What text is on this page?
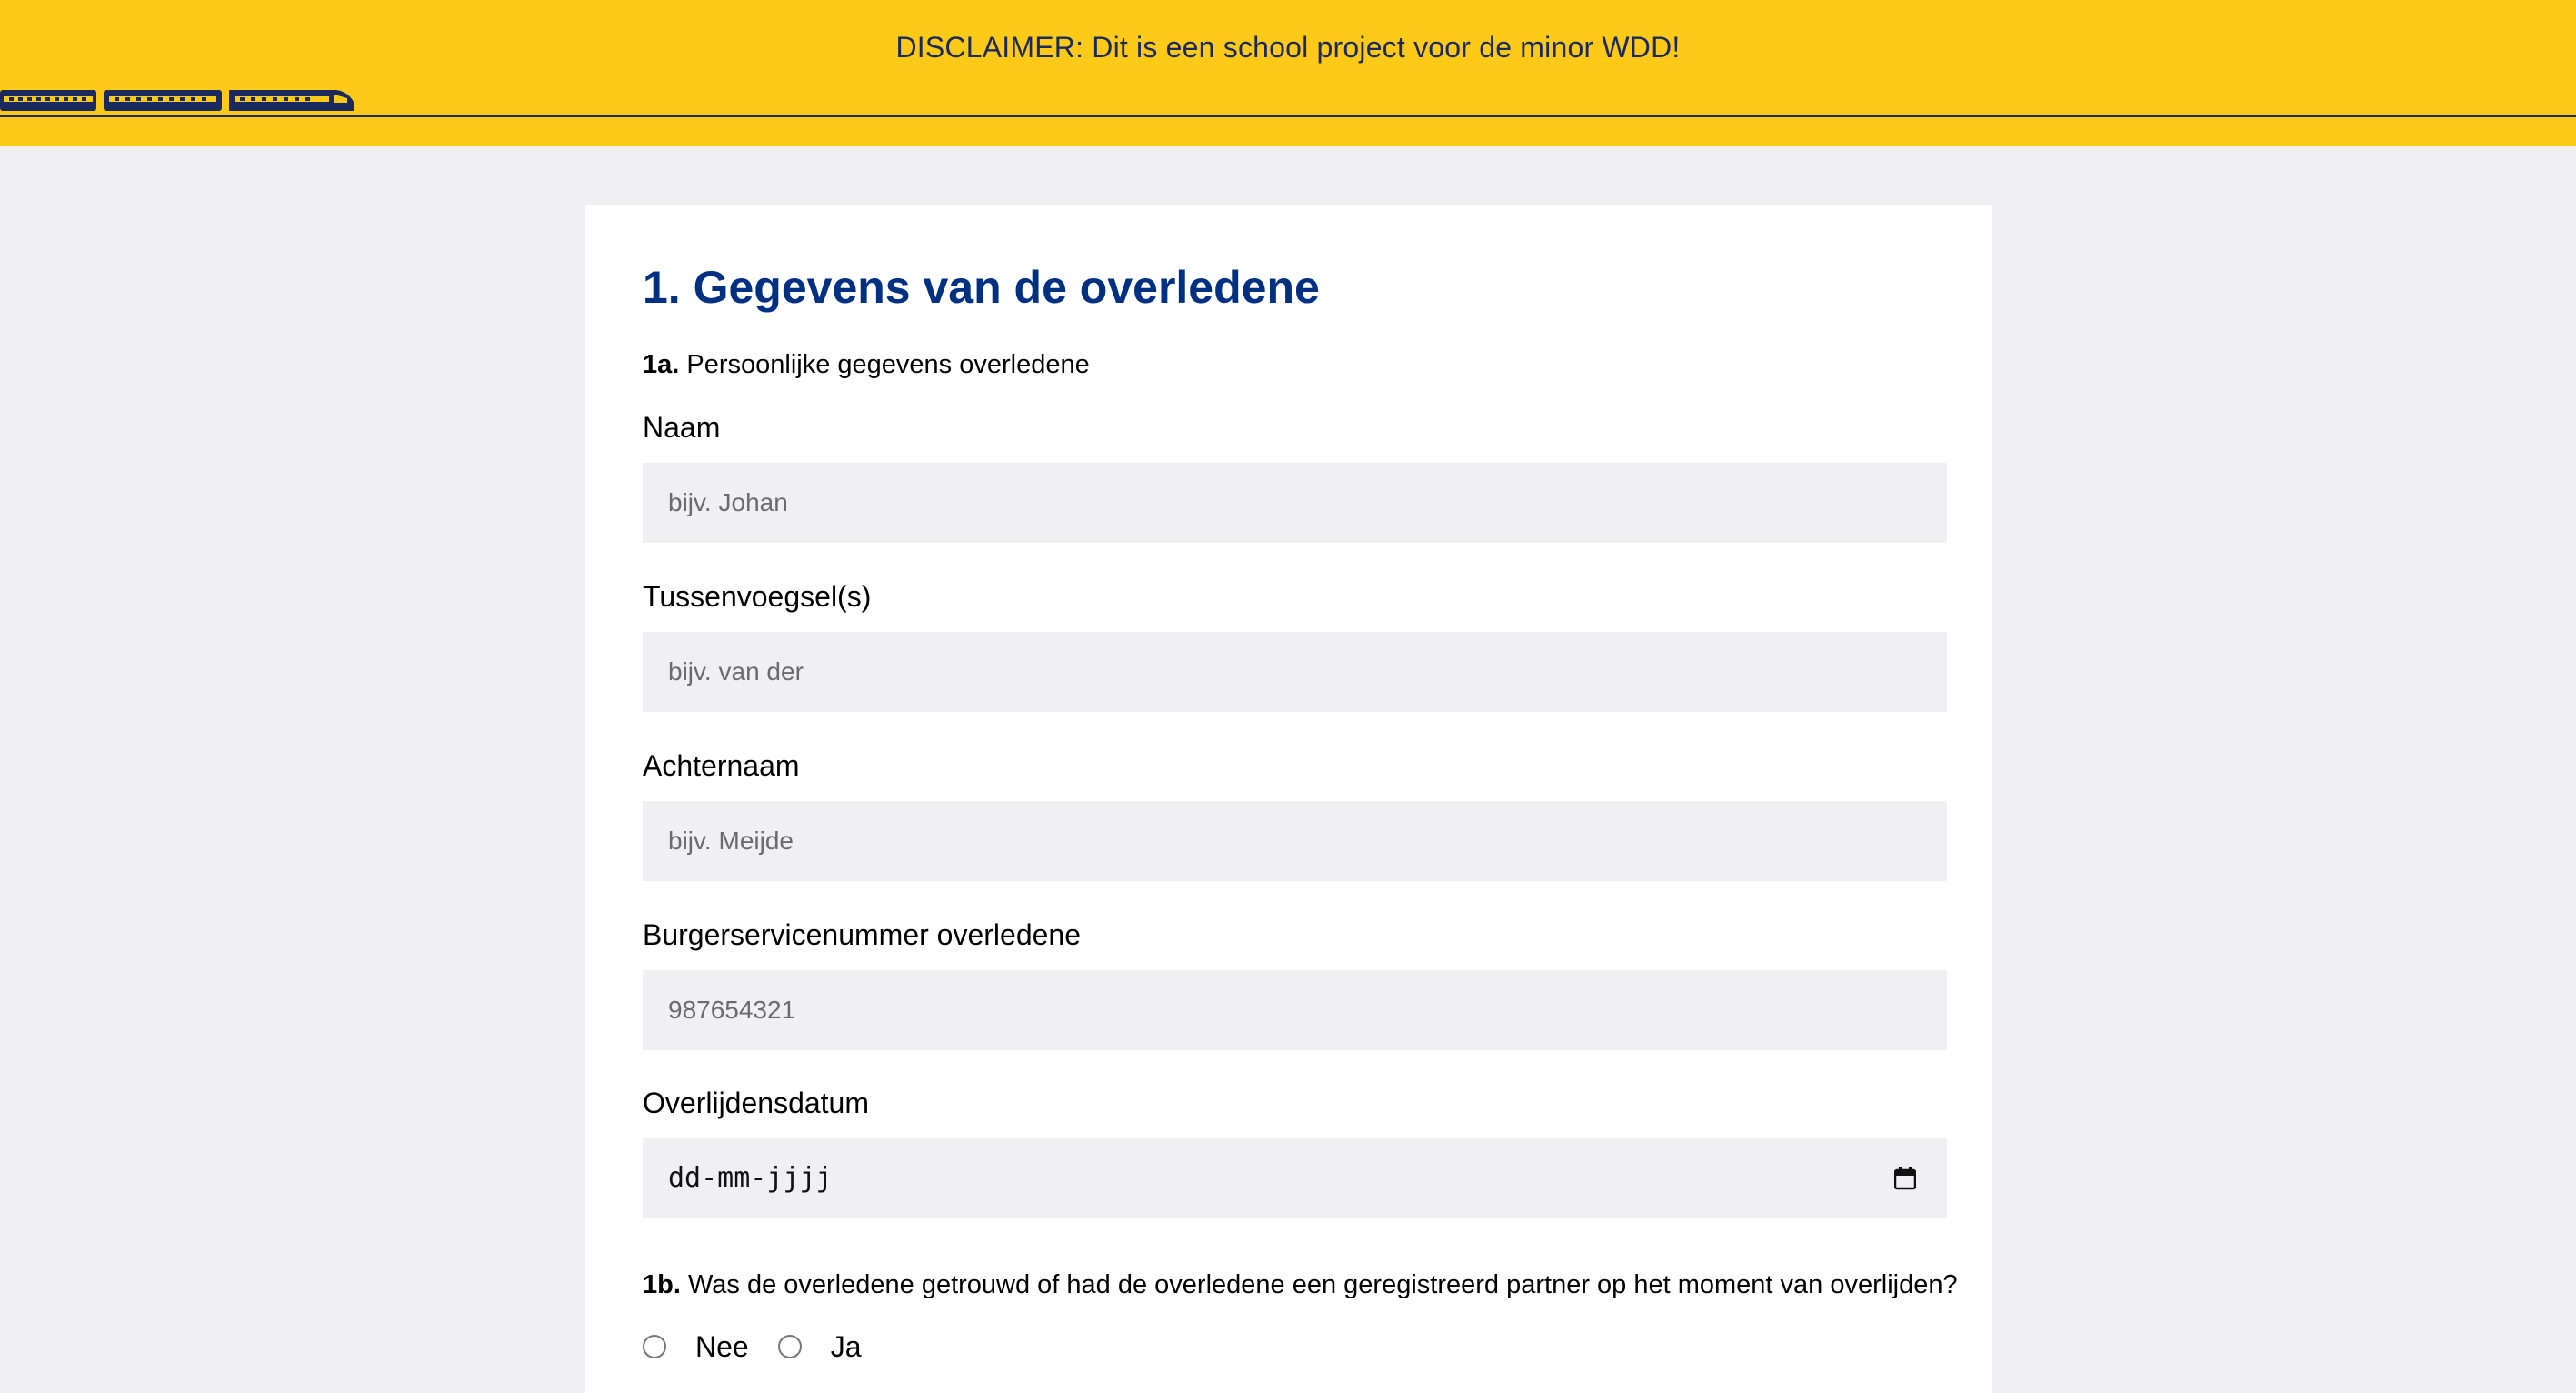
DISCLAIMER: Dit is een school project voor de minor WDD!
1. Gegevens van de overledene
1a. Persoonlijke gegevens overledene
Naam
bijv. Johan
Tussenvoegsel(s)
bijv. van der
Achternaam
bijv. Meijde
Burgerservicenummer overledene
987654321
Overlijdensdatum
dd-mm-jjjj
1b. Was de overledene getrouwd of had de overledene een geregistreerd partner op het moment van overlijden?
Nee	Ja
